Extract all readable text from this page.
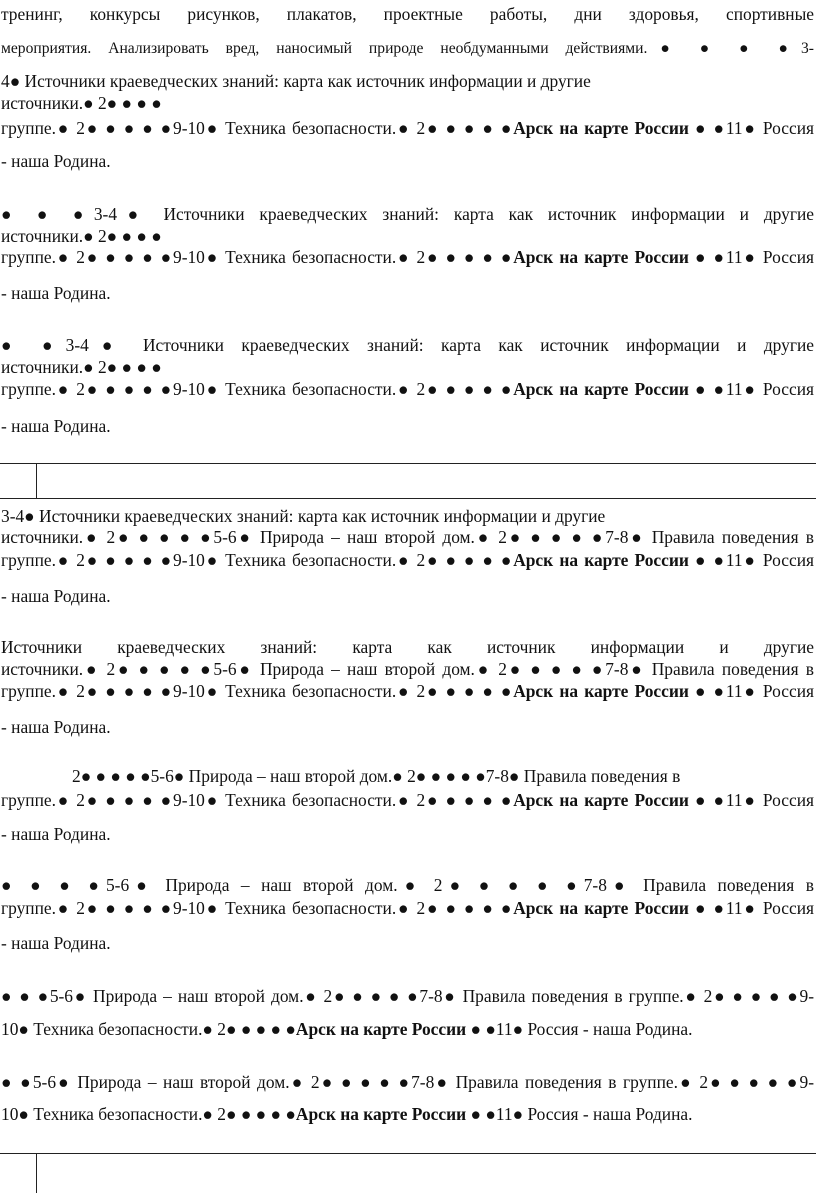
тренинг, конкурсы рисунков, плакатов, проектные работы, дни здоровья, спортивные
мероприятия. Анализировать вред, наносимый природе необдуманными действиями.● ● ● ●3-
4● Источники краеведческих знаний: карта как источник информации и другие
источники.● 2● ● ● ●
группе.● 2● ● ● ● ●9-10● Техника безопасности.● 2● ● ● ● ●Арск на карте России ● ●11● Россия
- наша Родина.
● ● ●3-4● Источники краеведческих знаний: карта как источник информации и другие
источники.● 2● ● ● ●
группе.● 2● ● ● ● ●9-10● Техника безопасности.● 2● ● ● ● ●Арск на карте России ● ●11● Россия
- наша Родина.
● ●3-4● Источники краеведческих знаний: карта как источник информации и другие
источники.● 2● ● ● ●
группе.● 2● ● ● ● ●9-10● Техника безопасности.● 2● ● ● ● ●Арск на карте России ● ●11● Россия
- наша Родина.
3-4● Источники краеведческих знаний: карта как источник информации и другие
источники.● 2● ● ● ● ●5-6● Природа – наш второй дом.● 2● ● ● ● ●7-8● Правила поведения в
группе.● 2● ● ● ● ●9-10● Техника безопасности.● 2● ● ● ● ●Арск на карте России ● ●11● Россия
- наша Родина.
Источники краеведческих знаний: карта как источник информации и другие
источники.● 2● ● ● ● ●5-6● Природа – наш второй дом.● 2● ● ● ● ●7-8● Правила поведения в
группе.● 2● ● ● ● ●9-10● Техника безопасности.● 2● ● ● ● ●Арск на карте России ● ●11● Россия
- наша Родина.
2● ● ● ● ●5-6● Природа – наш второй дом.● 2● ● ● ● ●7-8● Правила поведения в
группе.● 2● ● ● ● ●9-10● Техника безопасности.● 2● ● ● ● ●Арск на карте России ● ●11● Россия
- наша Родина.
● ● ● ●5-6● Природа – наш второй дом.● 2● ● ● ● ●7-8● Правила поведения в
группе.● 2● ● ● ● ●9-10● Техника безопасности.● 2● ● ● ● ●Арск на карте России ● ●11● Россия
- наша Родина.
● ● ●5-6● Природа – наш второй дом.● 2● ● ● ● ●7-8● Правила поведения в группе.● 2● ● ● ● ●9-
10● Техника безопасности.● 2● ● ● ● ●Арск на карте России ● ●11● Россия - наша Родина.
● ●5-6● Природа – наш второй дом.● 2● ● ● ● ●7-8● Правила поведения в группе.● 2● ● ● ● ●9-
10● Техника безопасности.● 2● ● ● ● ●Арск на карте России ● ●11● Россия - наша Родина.
